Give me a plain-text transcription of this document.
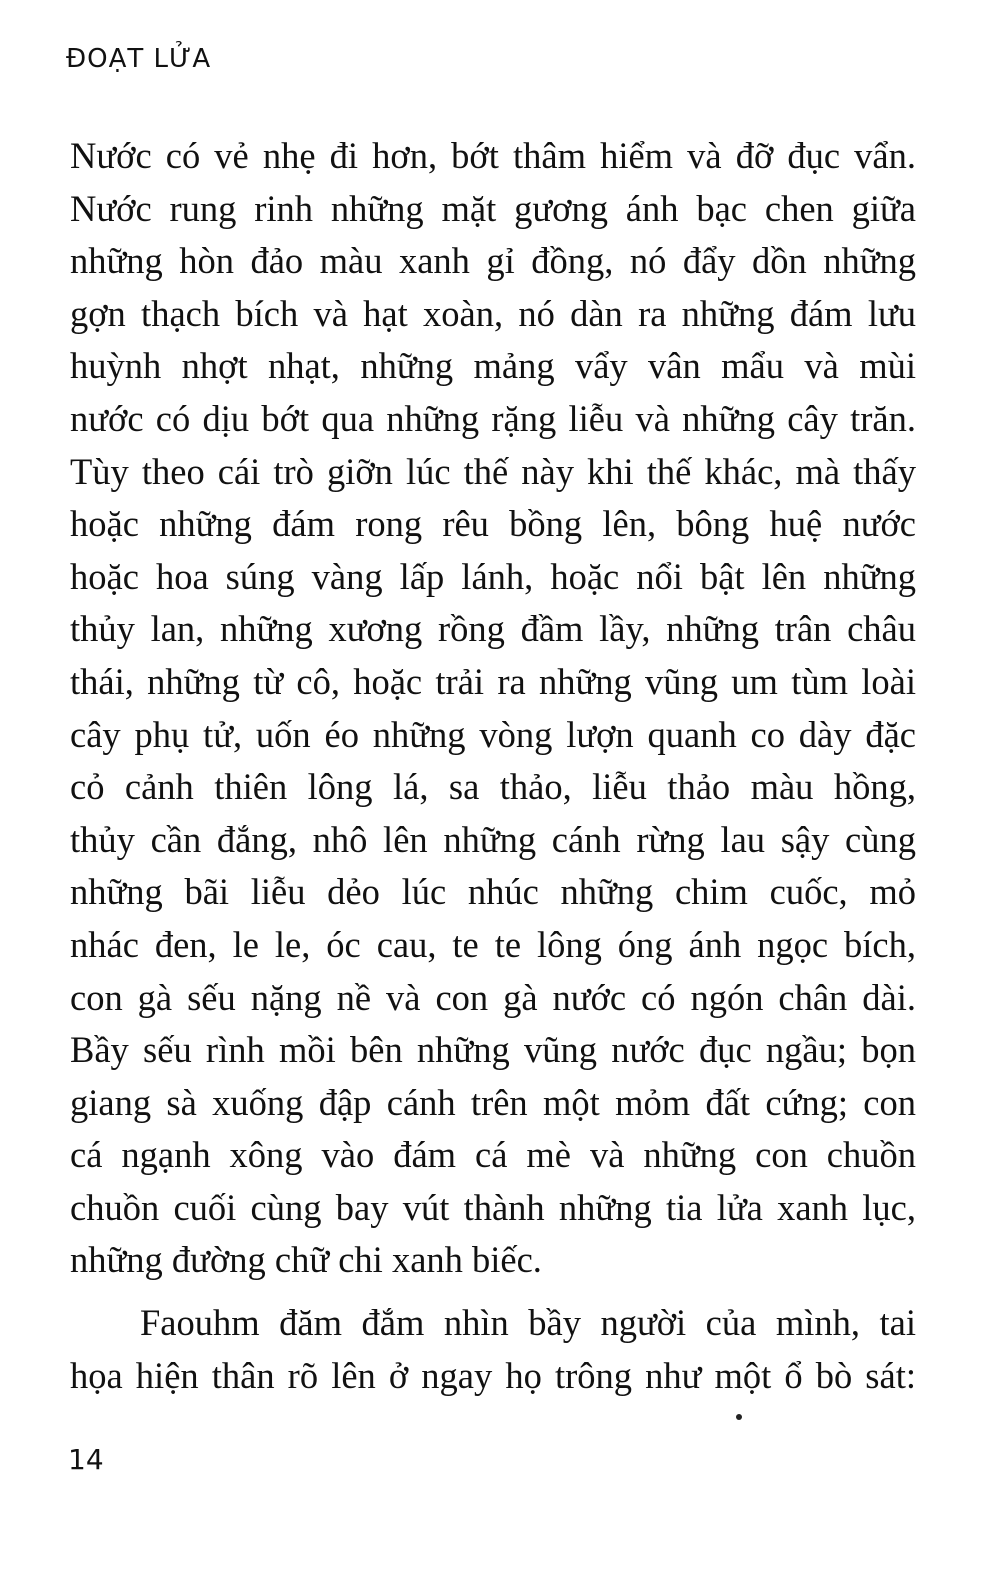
ĐOẠT LỬA
Nước có vẻ nhẹ đi hơn, bớt thâm hiểm và đỡ đục vẩn.
Nước rung rinh những mặt gương ánh bạc chen giữa
những hòn đảo màu xanh gỉ đồng, nó đẩy dồn những
gợn thạch bích và hạt xoàn, nó dàn ra những đám lưu
huỳnh nhợt nhạt, những mảng vẩy vân mẩu và mùi
nước có dịu bớt qua những rặng liễu và những cây trăn.
Tùy theo cái trò giỡn lúc thế này khi thế khác, mà thấy
hoặc những đám rong rêu bồng lên, bông huệ nước
hoặc hoa súng vàng lấp lánh, hoặc nổi bật lên những
thủy lan, những xương rồng đầm lầy, những trân châu
thái, những từ cô, hoặc trải ra những vũng um tùm loài
cây phụ tử, uốn éo những vòng lượn quanh co dày đặc
cỏ cảnh thiên lông lá, sa thảo, liễu thảo màu hồng,
thủy cần đắng, nhô lên những cánh rừng lau sậy cùng
những bãi liễu dẻo lúc nhúc những chim cuốc, mỏ
nhác đen, le le, óc cau, te te lông óng ánh ngọc bích,
con gà sếu nặng nề và con gà nước có ngón chân dài.
Bầy sếu rình mồi bên những vũng nước đục ngầu; bọn
giang sà xuống đập cánh trên một mỏm đất cứng; con
cá ngạnh xông vào đám cá mè và những con chuồn
chuồn cuối cùng bay vút thành những tia lửa xanh lục,
những đường chữ chi xanh biếc.
Faouhm đăm đắm nhìn bầy người của mình, tai
họa hiện thân rõ lên ở ngay họ trông như một ổ bò sát:
14
